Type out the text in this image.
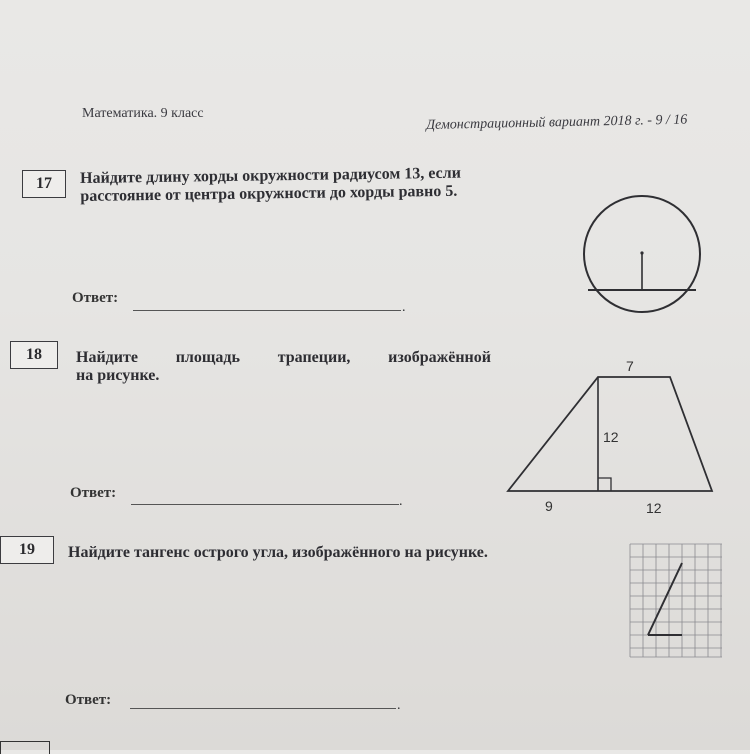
Математика. 9 класс	Демонстрационный вариант 2018 г. - 9 / 16
17	Найдите длину хорды окружности радиусом 13, если
расстояние от центра окружности до хорды равно 5.
Ответ:
.
18	Найдите площадь трапеции, изображённой
на рисунке.
Ответ:
.
7
12
9	12
19	Найдите тангенс острого угла, изображённого на рисунке.
Ответ:	.
